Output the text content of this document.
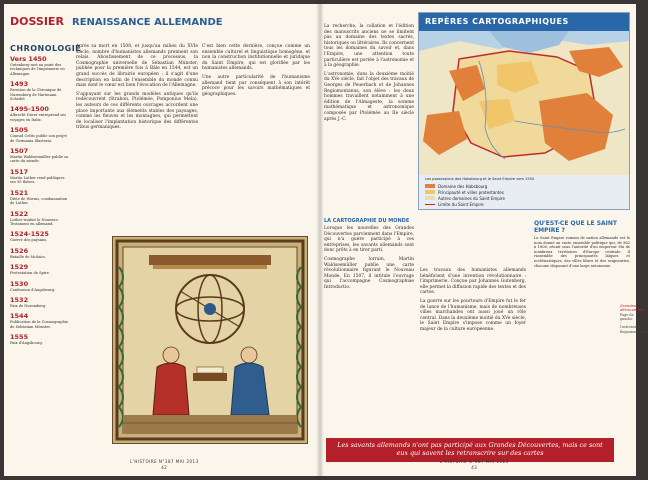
DOSSIER RENAISSANCE ALLEMANDE
CHRONOLOGIE
Vers 1450
Gutenberg met au point des techniques de l'imprimerie en Allemagne.
1493
Parution de la Chronique de Nuremberg de Hartmann Schedel.
1495-1500
Albrecht Dürer entreprend ses voyages en Italie.
1505
Conrad Celtis publie son projet de Germania illustrata.
1507
Martin Waldseemüller publie sa carte du monde.
1517
Martin Luther rend publiques ses 95 thèses.
1521
Diète de Worms, condamnation de Luther.
1522
Luther traduit le Nouveau Testament en allemand.
1524-1525
Guerre des paysans.
1526
Bataille de Mohács.
1529
Protestation de Spire.
1530
Confession d'Augsbourg.
1532
Paix de Nuremberg.
1544
Publication de la Cosmographie de Sebastian Münster.
1555
Paix d'Augsbourg.

Après sa mort en 1508, et jusqu'au milieu du XVIe siècle, nombre d'humanistes allemands prennent son relais. Aboutissement de ce processus, la Cosmographie universelle de Sebastian Münster, publiée pour la première fois à Bâle en 1544, est un grand succès de librairie européen : il s'agit d'une description en latin de l'ensemble du monde connu mais dont le cœur est bien l'évocation de l'Allemagne.

S'appuyant sur les grands modèles antiques qu'ils redécouvrent (Strabon, Ptolémée, Pomponius Mela), les auteurs de ces différents ouvrages accordent une place importante aux éléments stables des paysages, comme les fleuves et les montagnes, qui permettent de localiser l'implantation historique des différentes tribus germaniques.

C'est bien cette dernière, conçue comme un ensemble culturel et linguistique homogène, et non la construction institutionnelle et juridique du Saint Empire, qui est glorifiée par les humanistes allemands.

Une autre particularité de l'humanisme allemand tient par conséquent à son intérêt précoce pour les savoirs mathématiques et géographiques.

L'HISTOIRE N°387 MAI 2013
42

La recherche, la collation et l'édition des manuscrits anciens ne se limitent pas au domaine des textes sacrés, historiques ou littéraires. Ils concernent tous les domaines du savoir et, dans l'Empire, une attention toute particulière est portée à l'astronomie et à la géographie.

L'astronomie, dans la deuxième moitié du XVe siècle, fait l'objet des travaux de Georges de Peuerbach et de Johannes Regiomontanus, son élève : les deux hommes travaillent notamment à une édition de l'Almageste, la somme mathématique et astronomique composée par Ptolémée au IIe siècle après J.-C.

REPÈRES CARTOGRAPHIQUES
Les possessions des Habsbourg et le Saint Empire vers 1550
Domaine des Habsbourg
Principauté et villes protestantes
Autres domaines du Saint Empire
Limite du Saint Empire
LA CARTOGRAPHIE DU MONDE

Lorsque les nouvelles des Grandes Découvertes parviennent dans l'Empire, qui n'a guère participé à ces entreprises, les savants allemands sont donc prêts à en tirer parti.

Cosmographe lorrain, Martin Waldseemüller publie une carte révolutionnaire figurant le Nouveau Monde. En 1507, il intitule l'ouvrage qui l'accompagne Cosmographiae Introductio.

Les travaux des humanistes allemands bénéficient d'une invention révolutionnaire : l'imprimerie. Conçue par Johannes Gutenberg, elle permet la diffusion rapide des textes et des cartes.

La guerre sur les pourtours d'Empire fut le fer de lance de l'humanisme, mais de nombreuses villes marchandes ont aussi joué un rôle central. Dans la deuxième moitié du XVe siècle, le Saint Empire s'impose comme un foyer majeur de la culture européenne.

QU'EST-CE QUE LE SAINT EMPIRE ?

Le Saint Empire romain de nation allemande est le nom donné au vaste ensemble politique qui, de 962 à 1806, réunit sous l'autorité d'un empereur élu de nombreux territoires d'Europe centrale. Il rassemble des principautés laïques et ecclésiastiques, des villes libres et des seigneuries, chacune disposant d'une large autonomie.

Grandes découvertes
Page de gauche : l'astronome Regiomontanus.
Les savants allemands n'ont pas participé aux Grandes Découvertes, mais ce sont eux qui savent les retranscrire sur des cartes
L'HISTOIRE N°387 MAI 2013
43
